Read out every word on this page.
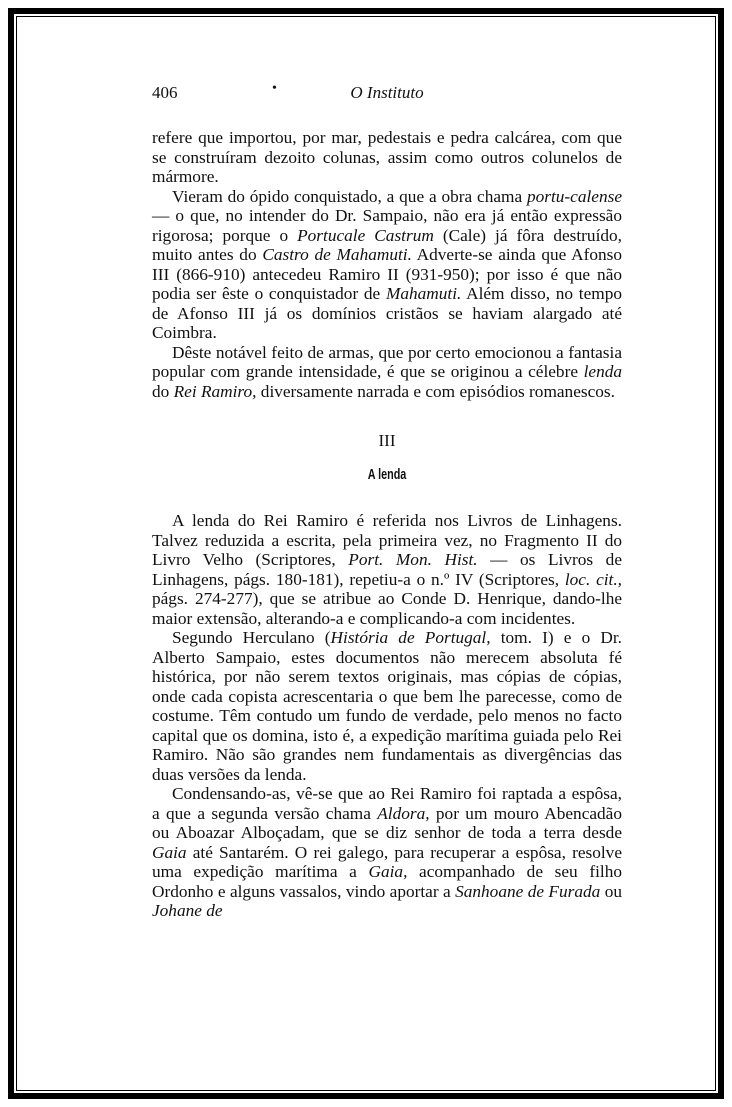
406	•	O Instituto

refere que importou, por mar, pedestais e pedra calcárea, com que se construíram dezoito colunas, assim como outros colunelos de mármore.

Vieram do ópido conquistado, a que a obra chama portu-calense — o que, no intender do Dr. Sampaio, não era já então expressão rigorosa; porque o Portucale Castrum (Cale) já fôra destruído, muito antes do Castro de Mahamuti. Adverte-se ainda que Afonso III (866-910) antecedeu Ramiro II (931-950); por isso é que não podia ser êste o conquistador de Mahamuti. Além disso, no tempo de Afonso III já os domínios cristãos se haviam alargado até Coimbra.

Dêste notável feito de armas, que por certo emocionou a fantasia popular com grande intensidade, é que se originou a célebre lenda do Rei Ramiro, diversamente narrada e com episódios romanescos.

III
A lenda

A lenda do Rei Ramiro é referida nos Livros de Linhagens. Talvez reduzida a escrita, pela primeira vez, no Fragmento II do Livro Velho (Scriptores, Port. Mon. Hist. — os Livros de Linhagens, págs. 180-181), repetiu-a o n.º IV (Scriptores, loc. cit., págs. 274-277), que se atribue ao Conde D. Henrique, dando-lhe maior extensão, alterando-a e complicando-a com incidentes.

Segundo Herculano (História de Portugal, tom. I) e o Dr. Alberto Sampaio, estes documentos não merecem absoluta fé histórica, por não serem textos originais, mas cópias de cópias, onde cada copista acrescentaria o que bem lhe parecesse, como de costume. Têm contudo um fundo de verdade, pelo menos no facto capital que os domina, isto é, a expedição marítima guiada pelo Rei Ramiro. Não são grandes nem fundamentais as divergências das duas versões da lenda.

Condensando-as, vê-se que ao Rei Ramiro foi raptada a espôsa, a que a segunda versão chama Aldora, por um mouro Abencadão ou Aboazar Alboçadam, que se diz senhor de toda a terra desde Gaia até Santarém. O rei galego, para recuperar a espôsa, resolve uma expedição marítima a Gaia, acompanhado de seu filho Ordonho e alguns vassalos, vindo aportar a Sanhoane de Furada ou Johane de
